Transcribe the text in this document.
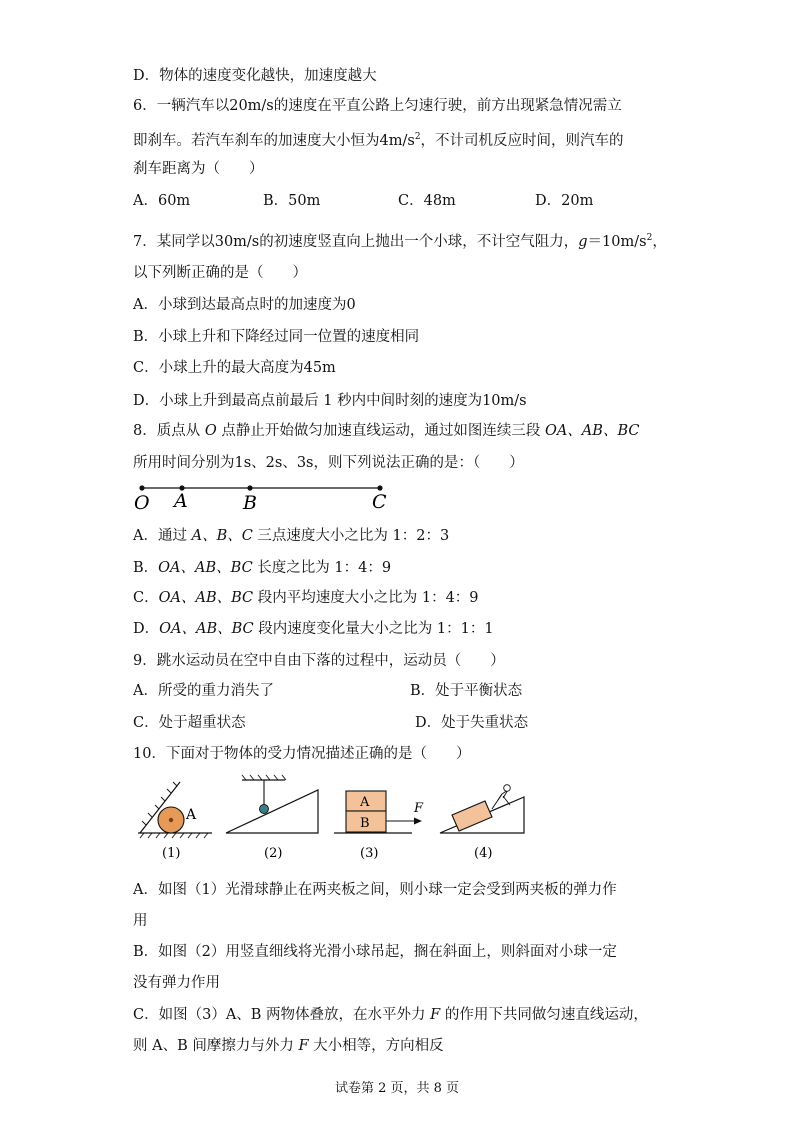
D．物体的速度变化越快，加速度越大
6．一辆汽车以20m/s的速度在平直公路上匀速行驶，前方出现紧急情况需立
即刹车。若汽车刹车的加速度大小恒为$4m/s^2$，不计司机反应时间，则汽车的
刹车距离为（　　）
A．60m	B．50m	C．48m	D．20m
7．某同学以30m/s的初速度竖直向上抛出一个小球，不计空气阻力，$g=10m/s^2$，
以下列断正确的是（　　）
A．小球到达最高点时的加速度为0
B．小球上升和下降经过同一位置的速度相同
C．小球上升的最大高度为45m
D．小球上升到最高点前最后 1 秒内中间时刻的速度为10m/s
8．质点从 O 点静止开始做匀加速直线运动，通过如图连续三段 OA、AB、BC
所用时间分别为1s、2s、3s，则下列说法正确的是：（　　）
O A	B	C
A．通过 A、B、C 三点速度大小之比为 1：2：3
B．OA、AB、BC 长度之比为 1：4：9
C．OA、AB、BC 段内平均速度大小之比为 1：4：9
D．OA、AB、BC 段内速度变化量大小之比为 1：1：1
9．跳水运动员在空中自由下落的过程中，运动员（　　）
A．所受的重力消失了	B．处于平衡状态
C．处于超重状态	D．处于失重状态
10．下面对于物体的受力情况描述正确的是（　　）
A
(1)	(2)
A
B
F
(3)	(4)
A．如图（1）光滑球静止在两夹板之间，则小球一定会受到两夹板的弹力作
用
B．如图（2）用竖直细线将光滑小球吊起，搁在斜面上，则斜面对小球一定
没有弹力作用
C．如图（3）A、B 两物体叠放，在水平外力 F 的作用下共同做匀速直线运动，
则 A、B 间摩擦力与外力 F 大小相等，方向相反
试卷第 2 页，共 8 页
